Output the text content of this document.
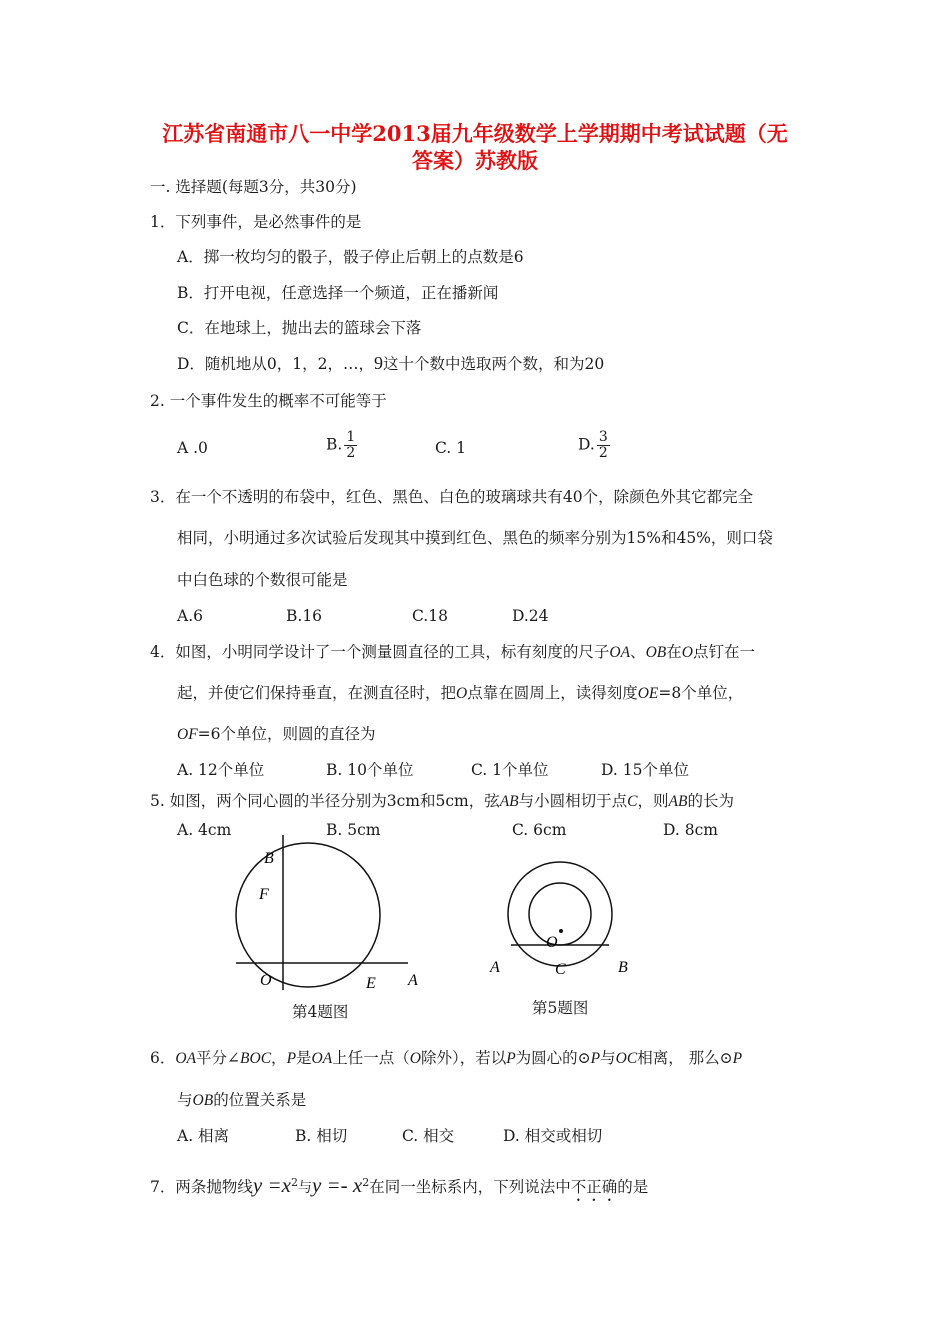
江苏省南通市八一中学2013届九年级数学上学期期中考试试题（无
答案）苏教版
一. 选择题(每题3分，共30分)
1．下列事件，是必然事件的是
A．掷一枚均匀的骰子，骰子停止后朝上的点数是6
B．打开电视，任意选择一个频道，正在播新闻
C．在地球上，抛出去的篮球会下落
D．随机地从0，1，2，…，9这十个数中选取两个数，和为20
2. 一个事件发生的概率不可能等于
A .0	B. $\frac{1}{2}$	C. 1	D. $\frac{3}{2}$
3．在一个不透明的布袋中，红色、黑色、白色的玻璃球共有40个，除颜色外其它都完全
相同，小明通过多次试验后发现其中摸到红色、黑色的频率分别为15%和45%，则口袋
中白色球的个数很可能是
A.6	B.16	C.18	D.24
4．如图，小明同学设计了一个测量圆直径的工具，标有刻度的尺子OA、OB在O点钉在一
起，并使它们保持垂直，在测直径时，把O点靠在圆周上，读得刻度OE=8个单位，
OF=6个单位，则圆的直径为
A. 12个单位	B. 10个单位	C. 1个单位	D. 15个单位
5. 如图，两个同心圆的半径分别为3cm和5cm，弦AB与小圆相切于点C，则AB的长为
A. 4cm	B. 5cm	C. 6cm	D. 8cm
B
F
O	E A
第4题图
O
A	C	B
第5题图
6．OA平分∠BOC，P是OA上任一点（O除外），若以P为圆心的⊙P与OC相离， 那么⊙P
与OB的位置关系是
A. 相离	B. 相切	C. 相交	D. 相交或相切
7．两条抛物线$y =x^2$与$y =- x^2$在同一坐标系内，下列说法中不正确的是
